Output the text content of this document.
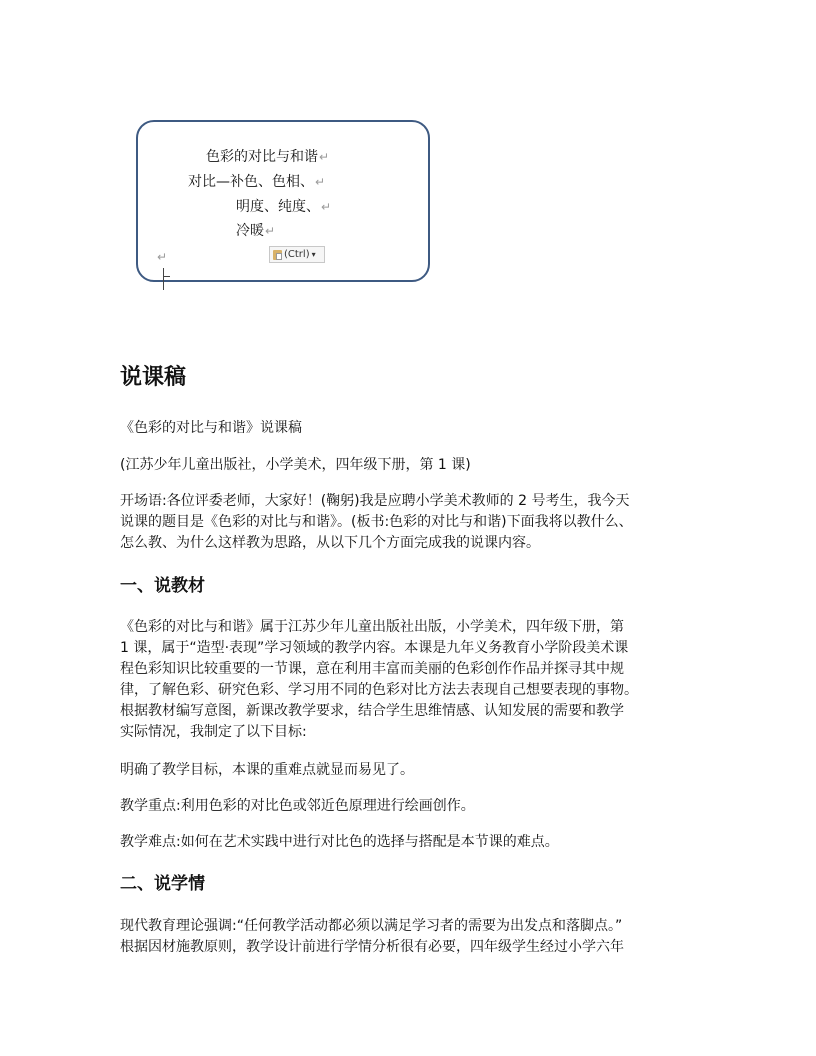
色彩的对比与和谐↵
对比—补色、色相、↵
明度、纯度、↵
冷暖↵
↵	(Ctrl) ▾
说课稿
《色彩的对比与和谐》说课稿
(江苏少年儿童出版社，小学美术，四年级下册，第 1 课)
开场语:各位评委老师，大家好！(鞠躬)我是应聘小学美术教师的 2 号考生，我今天
说课的题目是《色彩的对比与和谐》。(板书:色彩的对比与和谐)下面我将以教什么、
怎么教、为什么这样教为思路，从以下几个方面完成我的说课内容。
一、说教材
《色彩的对比与和谐》属于江苏少年儿童出版社出版，小学美术，四年级下册，第
1 课，属于“造型·表现”学习领域的教学内容。本课是九年义务教育小学阶段美术课
程色彩知识比较重要的一节课，意在利用丰富而美丽的色彩创作作品并探寻其中规
律，了解色彩、研究色彩、学习用不同的色彩对比方法去表现自己想要表现的事物。
根据教材编写意图，新课改教学要求，结合学生思维情感、认知发展的需要和教学
实际情况，我制定了以下目标:
明确了教学目标，本课的重难点就显而易见了。
教学重点:利用色彩的对比色或邻近色原理进行绘画创作。
教学难点:如何在艺术实践中进行对比色的选择与搭配是本节课的难点。
二、说学情
现代教育理论强调:“任何教学活动都必须以满足学习者的需要为出发点和落脚点。”
根据因材施教原则，教学设计前进行学情分析很有必要，四年级学生经过小学六年
